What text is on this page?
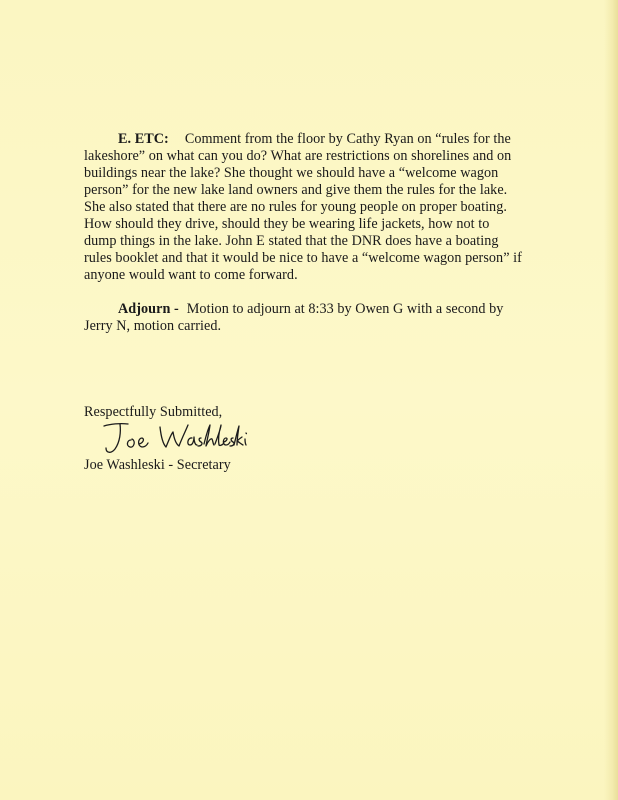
E. ETC: Comment from the floor by Cathy Ryan on “rules for the
lakeshore” on what can you do? What are restrictions on shorelines and on
buildings near the lake? She thought we should have a “welcome wagon
person” for the new lake land owners and give them the rules for the lake.
She also stated that there are no rules for young people on proper boating.
How should they drive, should they be wearing life jackets, how not to
dump things in the lake. John E stated that the DNR does have a boating
rules booklet and that it would be nice to have a “welcome wagon person” if
anyone would want to come forward.
Adjourn - Motion to adjourn at 8:33 by Owen G with a second by
Jerry N, motion carried.
Respectfully Submitted,
Joe Washleski - Secretary
